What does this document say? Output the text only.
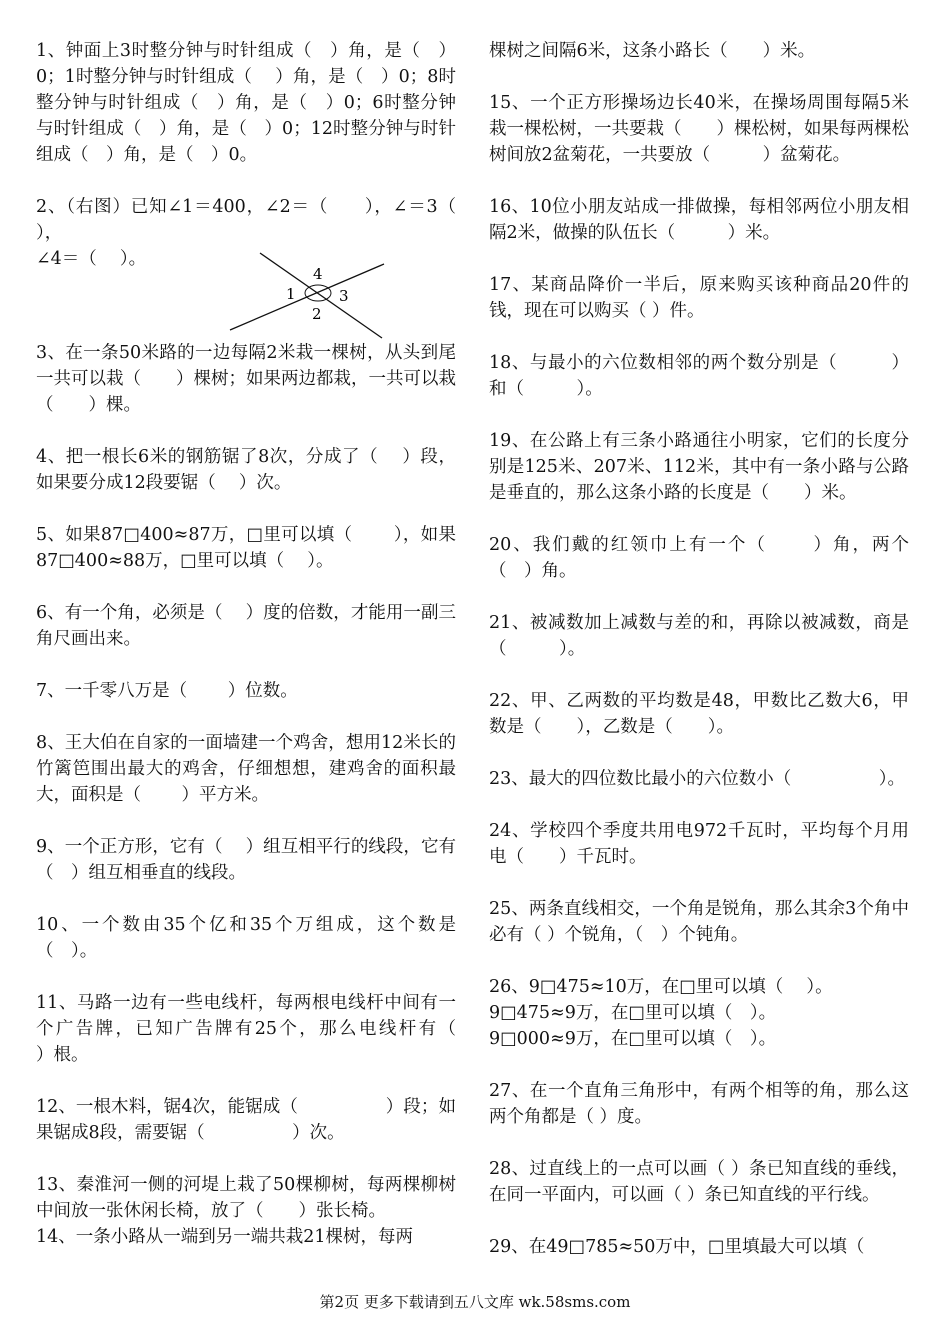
1、钟面上3时整分钟与时针组成（　）角，是（　）0；1时整分钟与时针组成（　 ）角，是（　）0；8时整分钟与时针组成（　）角，是（　）0；6时整分钟与时针组成（　）角，是（　）0；12时整分钟与时针组成（　）角，是（　）0。

2、（右图）已知∠1＝400，∠2＝（　　），∠＝3（　 ），

∠4＝（　 ）。

1
2
3
4

3、在一条50米路的一边每隔2米栽一棵树，从头到尾一共可以栽（　　）棵树；如果两边都栽，一共可以栽（　　）棵。

4、把一根长6米的钢筋锯了8次，分成了（　 ）段，如果要分成12段要锯（　 ）次。

5、如果87□400≈87万，□里可以填（　　 ），如果87□400≈88万，□里可以填（　 ）。

6、有一个角，必须是（　 ）度的倍数，才能用一副三角尺画出来。

7、一千零八万是（　　 ）位数。

8、王大伯在自家的一面墙建一个鸡舍，想用12米长的竹篱笆围出最大的鸡舍，仔细想想，建鸡舍的面积最大，面积是（　　 ）平方米。

9、一个正方形，它有（　 ）组互相平行的线段，它有（　）组互相垂直的线段。

10、一个数由35个亿和35个万组成，这个数是（　）。

11、马路一边有一些电线杆，每两根电线杆中间有一个广告牌，已知广告牌有25个，那么电线杆有（　　　）根。

12、一根木料，锯4次，能锯成（　　　　　）段；如果锯成8段，需要锯（　　　　　）次。

13、秦淮河一侧的河堤上栽了50棵柳树，每两棵柳树中间放一张休闲长椅，放了（　　）张长椅。

14、一条小路从一端到另一端共栽21棵树，每两

棵树之间隔6米，这条小路长（　　）米。

15、一个正方形操场边长40米，在操场周围每隔5米栽一棵松树，一共要栽（　　）棵松树，如果每两棵松树间放2盆菊花，一共要放（　　　）盆菊花。

16、10位小朋友站成一排做操，每相邻两位小朋友相隔2米，做操的队伍长（　　　）米。

17、某商品降价一半后，原来购买该种商品20件的钱，现在可以购买（ ）件。

18、与最小的六位数相邻的两个数分别是（　　　）和（　　　）。

19、在公路上有三条小路通往小明家，它们的长度分别是125米、207米、112米，其中有一条小路与公路是垂直的，那么这条小路的长度是（　　）米。

20、我们戴的红领巾上有一个（　　 ）角，两个（　）角。

21、被减数加上减数与差的和，再除以被减数，商是（　　　）。

22、甲、乙两数的平均数是48，甲数比乙数大6，甲数是（　　），乙数是（　　）。

23、最大的四位数比最小的六位数小（　　　　　）。

24、学校四个季度共用电972千瓦时，平均每个月用电（　　）千瓦时。

25、两条直线相交，一个角是锐角，那么其余3个角中必有（ ）个锐角，（　）个钝角。

26、9□475≈10万，在□里可以填（　 ）。

9□475≈9万，在□里可以填（　）。

9□000≈9万，在□里可以填（　）。

27、在一个直角三角形中，有两个相等的角，那么这两个角都是（ ）度。

28、过直线上的一点可以画（ ）条已知直线的垂线，在同一平面内，可以画（ ）条已知直线的平行线。

29、在49□785≈50万中，□里填最大可以填（

第2页 更多下载请到五八文库 wk.58sms.com
